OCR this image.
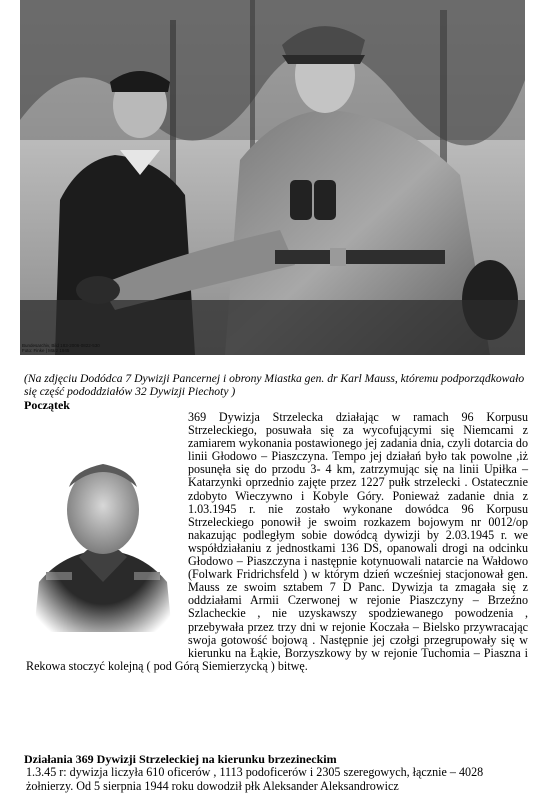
Bundesarchiv, Bild 183-2006-0822-530
Foto: Finke | März 1945

(Na zdjęciu Dodódca 7 Dywizji Pancernej i obrony Miastka gen. dr Karl Mauss, któremu podporządkowało się część pododdziałów 32 Dywizji Piechoty )

Początek

369 Dywizja Strzelecka działając w ramach 96 Korpusu Strzeleckiego, posuwała się za wycofującymi się Niemcami z zamiarem wykonania postawionego jej zadania dnia, czyli dotarcia do linii Głodowo – Piaszczyna. Tempo jej działań było tak powolne ,iż posunęła się do przodu 3- 4 km, zatrzymując się na linii Upiłka – Katarzynki oprzednio zajęte przez 1227 pułk strzelecki . Ostatecznie zdobyto Wieczywno i Kobyle Góry. Ponieważ zadanie dnia z 1.03.1945 r. nie zostało wykonane dowódca 96 Korpusu Strzeleckiego ponowił je swoim rozkazem bojowym nr 0012/op nakazując podległym sobie dowódcą dywizji by 2.03.1945 r. we współdziałaniu z jednostkami 136 DS, opanowali drogi na odcinku Głodowo – Piaszczyna i następnie kotynuowali natarcie na Wałdowo (Folwark Fridrichsfeld ) w którym dzień wcześniej stacjonował gen. Mauss ze swoim sztabem 7 D Panc. Dywizja ta zmagała się z oddziałami Armii Czerwonej w rejonie Piaszczyny – Brzeźno Szlacheckie , nie uzyskawszy spodziewanego powodzenia , przebywała przez trzy dni w rejonie Koczała – Bielsko przywracając swoja gotowość bojową . Następnie jej czołgi przegrupowały się w kierunku na Łąkie, Borzyszkowy by w rejonie Tuchomia – Piaszna i Rekowa stoczyć kolejną ( pod Górą Siemierzycką ) bitwę.

Działania 369 Dywizji Strzeleckiej na kierunku brzezineckim

1.3.45 r: dywizja liczyła 610 oficerów , 1113 podoficerów i 2305 szeregowych, łącznie – 4028 żołnierzy. Od 5 sierpnia 1944 roku dowodził płk Aleksander Aleksandrowicz
